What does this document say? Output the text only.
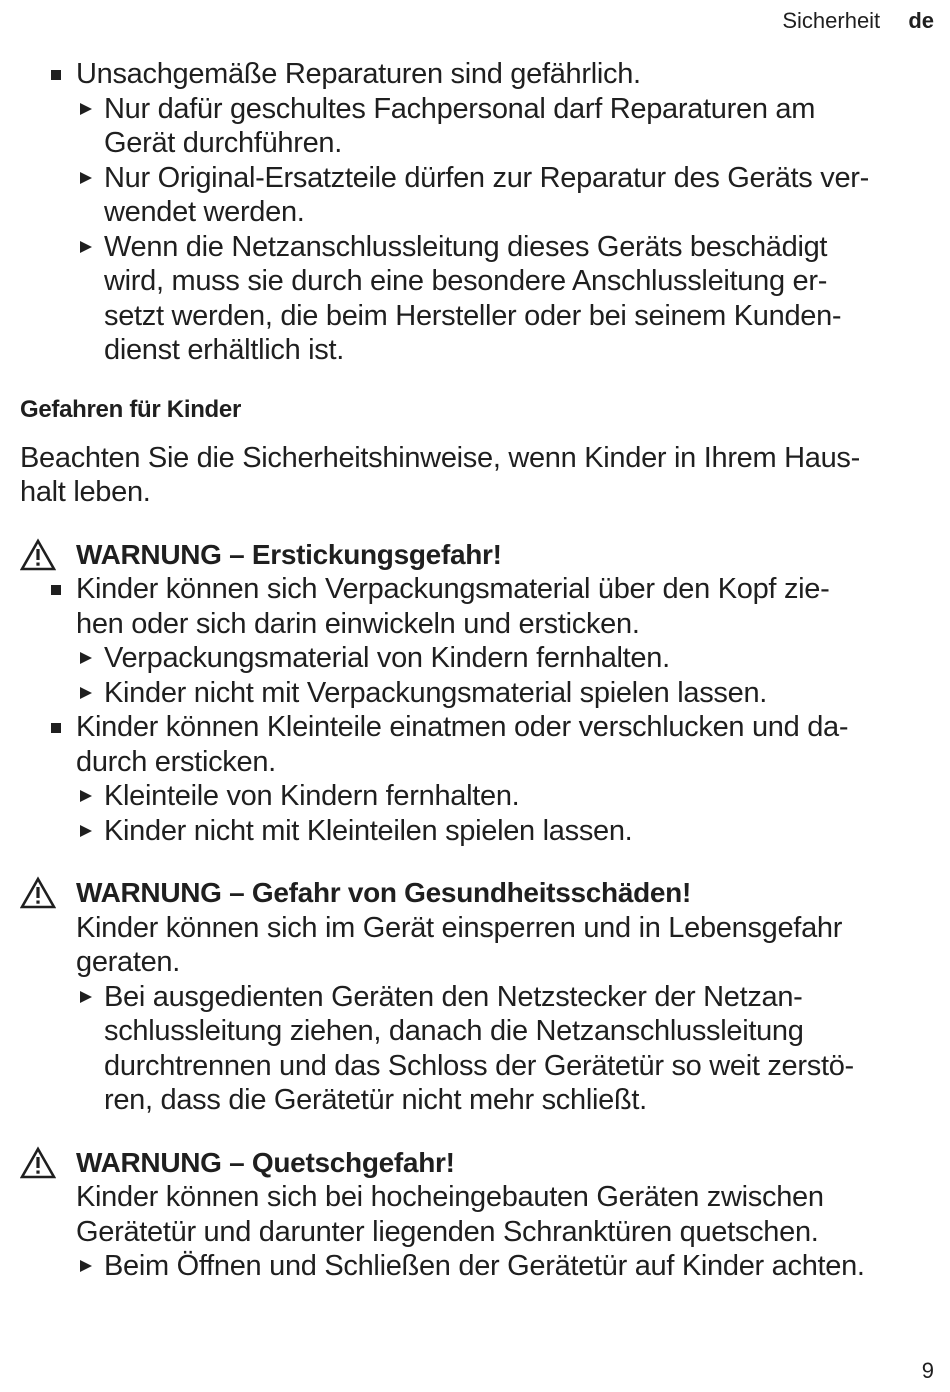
Sicherheit de
Unsachgemäße Reparaturen sind gefährlich.
Nur dafür geschultes Fachpersonal darf Reparaturen am
Gerät durchführen.
Nur Original-Ersatzteile dürfen zur Reparatur des Geräts ver-
wendet werden.
Wenn die Netzanschlussleitung dieses Geräts beschädigt
wird, muss sie durch eine besondere Anschlussleitung er-
setzt werden, die beim Hersteller oder bei seinem Kunden-
dienst erhältlich ist.
Gefahren für Kinder
Beachten Sie die Sicherheitshinweise, wenn Kinder in Ihrem Haus-
halt leben.
WARNUNG – Erstickungsgefahr!
Kinder können sich Verpackungsmaterial über den Kopf zie-
hen oder sich darin einwickeln und ersticken.
Verpackungsmaterial von Kindern fernhalten.
Kinder nicht mit Verpackungsmaterial spielen lassen.
Kinder können Kleinteile einatmen oder verschlucken und da-
durch ersticken.
Kleinteile von Kindern fernhalten.
Kinder nicht mit Kleinteilen spielen lassen.
WARNUNG – Gefahr von Gesundheitsschäden!
Kinder können sich im Gerät einsperren und in Lebensgefahr
geraten.
Bei ausgedienten Geräten den Netzstecker der Netzan-
schlussleitung ziehen, danach die Netzanschlussleitung
durchtrennen und das Schloss der Gerätetür so weit zerstö-
ren, dass die Gerätetür nicht mehr schließt.
WARNUNG – Quetschgefahr!
Kinder können sich bei hocheingebauten Geräten zwischen
Gerätetür und darunter liegenden Schranktüren quetschen.
Beim Öffnen und Schließen der Gerätetür auf Kinder achten.
9
